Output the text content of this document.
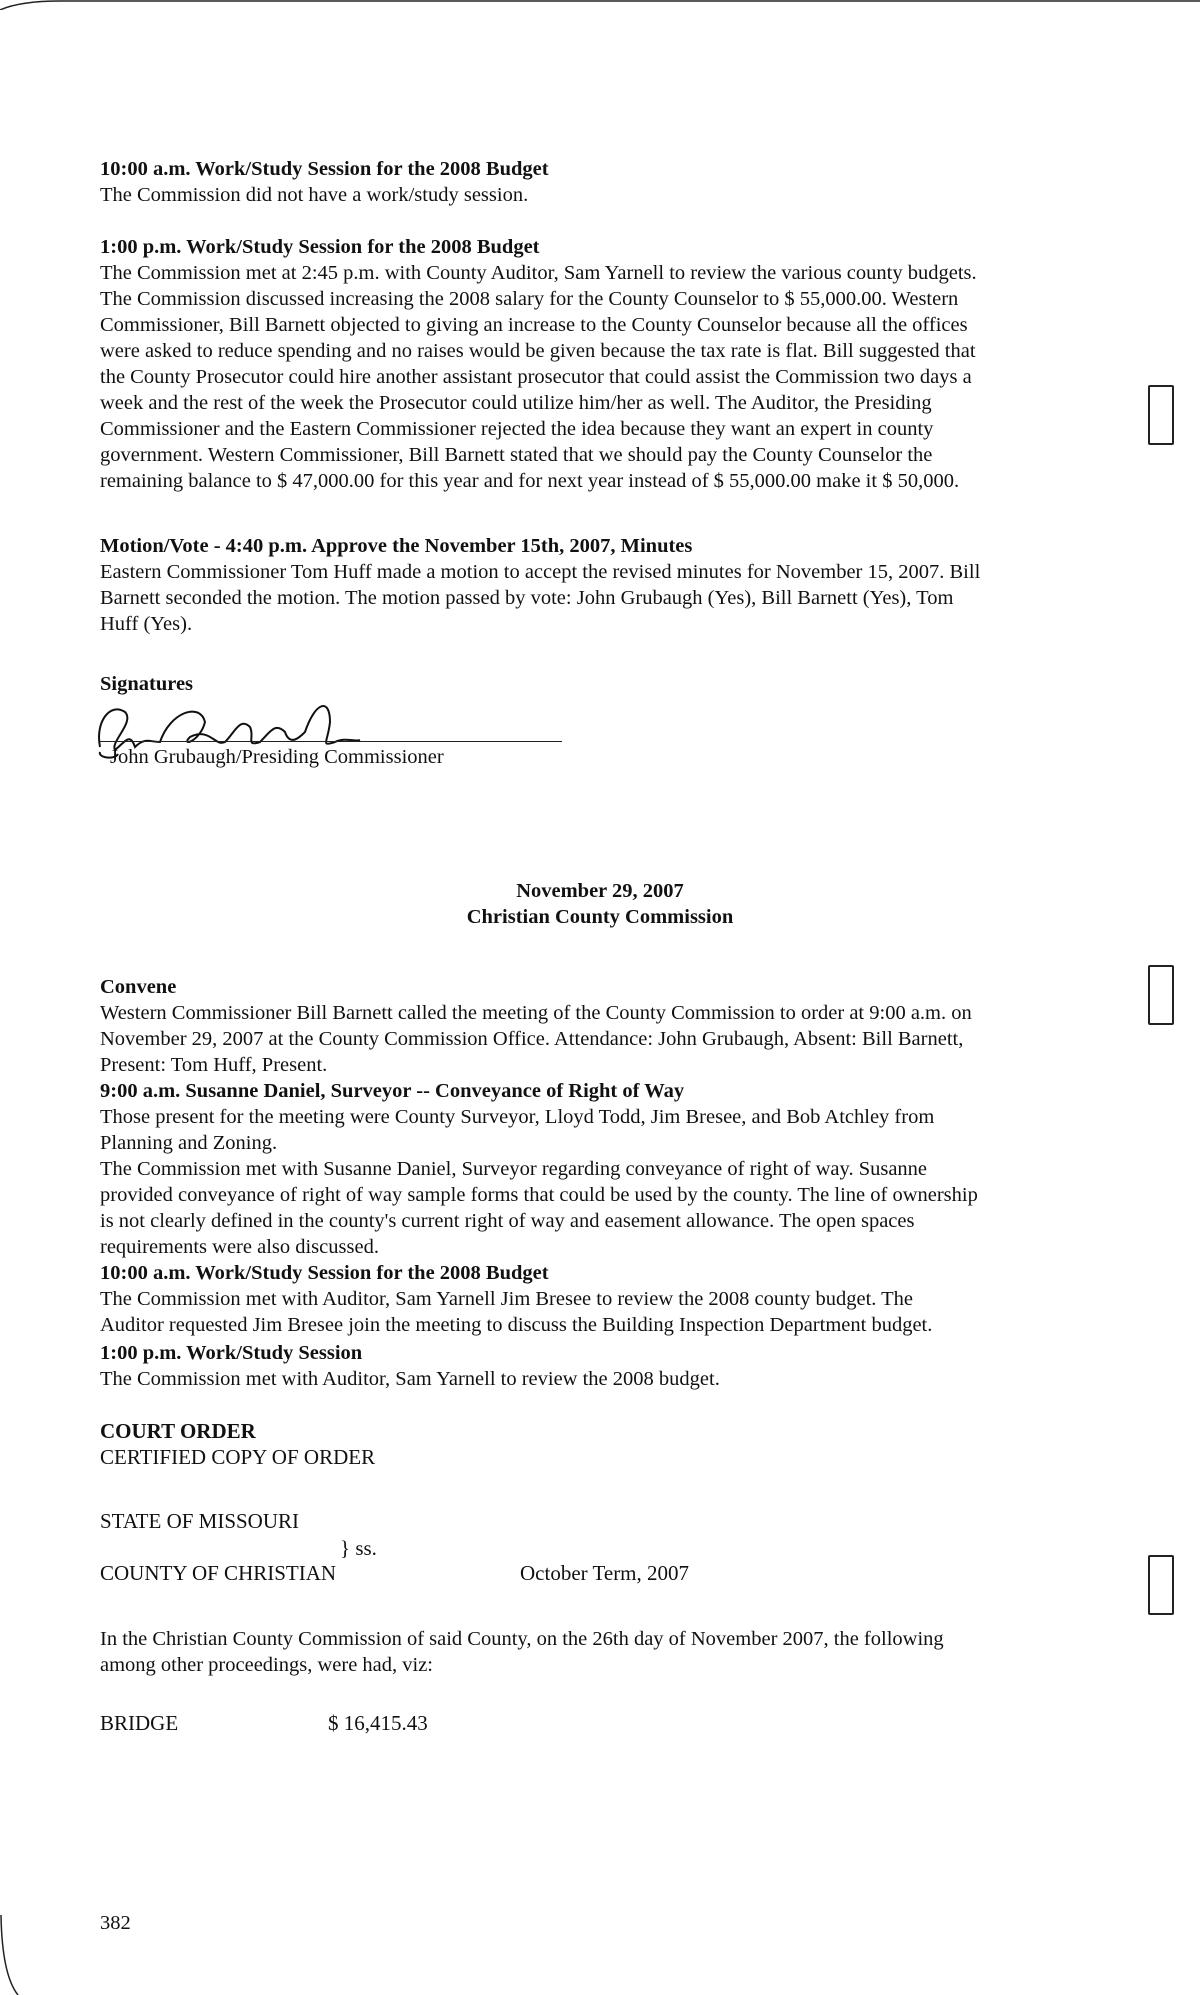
10:00 a.m. Work/Study Session for the 2008 Budget
The Commission did not have a work/study session.
1:00 p.m. Work/Study Session for the 2008 Budget
The Commission met at 2:45 p.m. with County Auditor, Sam Yarnell to review the various county budgets.
The Commission discussed increasing the 2008 salary for the County Counselor to $ 55,000.00. Western
Commissioner, Bill Barnett objected to giving an increase to the County Counselor because all the offices
were asked to reduce spending and no raises would be given because the tax rate is flat. Bill suggested that
the County Prosecutor could hire another assistant prosecutor that could assist the Commission two days a
week and the rest of the week the Prosecutor could utilize him/her as well. The Auditor, the Presiding
Commissioner and the Eastern Commissioner rejected the idea because they want an expert in county
government. Western Commissioner, Bill Barnett stated that we should pay the County Counselor the
remaining balance to $ 47,000.00 for this year and for next year instead of $ 55,000.00 make it $ 50,000.
Motion/Vote - 4:40 p.m. Approve the November 15th, 2007, Minutes
Eastern Commissioner Tom Huff made a motion to accept the revised minutes for November 15, 2007. Bill
Barnett seconded the motion. The motion passed by vote: John Grubaugh (Yes), Bill Barnett (Yes), Tom
Huff (Yes).
Signatures
John Grubaugh/Presiding Commissioner
November 29, 2007
Christian County Commission
Convene
Western Commissioner Bill Barnett called the meeting of the County Commission to order at 9:00 a.m. on
November 29, 2007 at the County Commission Office. Attendance: John Grubaugh, Absent: Bill Barnett,
Present: Tom Huff, Present.
9:00 a.m. Susanne Daniel, Surveyor -- Conveyance of Right of Way
Those present for the meeting were County Surveyor, Lloyd Todd, Jim Bresee, and Bob Atchley from
Planning and Zoning.
The Commission met with Susanne Daniel, Surveyor regarding conveyance of right of way. Susanne
provided conveyance of right of way sample forms that could be used by the county. The line of ownership
is not clearly defined in the county's current right of way and easement allowance. The open spaces
requirements were also discussed.
10:00 a.m. Work/Study Session for the 2008 Budget
The Commission met with Auditor, Sam Yarnell Jim Bresee to review the 2008 county budget. The
Auditor requested Jim Bresee join the meeting to discuss the Building Inspection Department budget.
1:00 p.m. Work/Study Session
The Commission met with Auditor, Sam Yarnell to review the 2008 budget.
COURT ORDER
CERTIFIED COPY OF ORDER
STATE OF MISSOURI
} ss.
COUNTY OF CHRISTIAN	October Term, 2007
In the Christian County Commission of said County, on the 26th day of November 2007, the following
among other proceedings, were had, viz:
BRIDGE	$ 16,415.43
382
